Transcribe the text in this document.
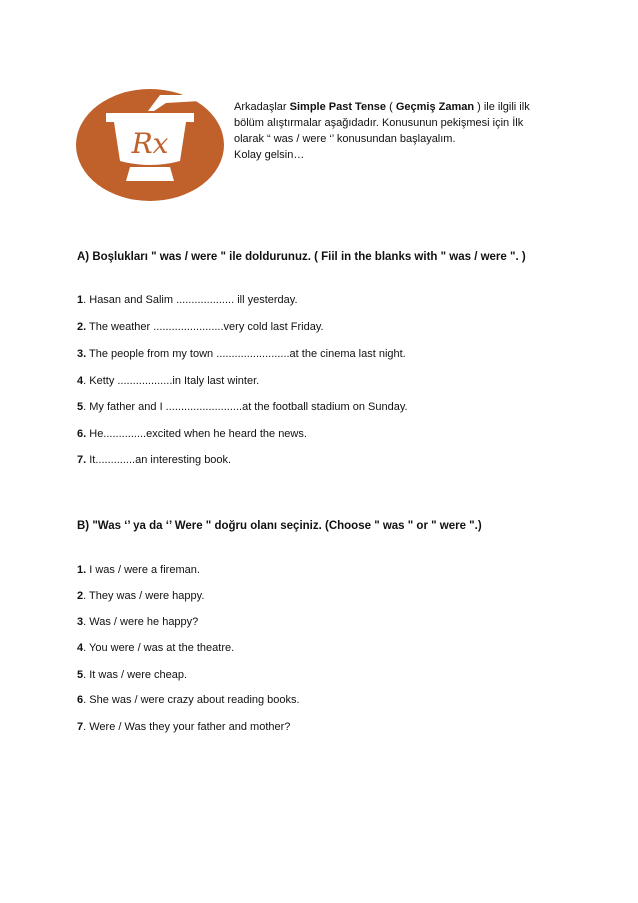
Rx

Arkadaşlar Simple Past Tense ( Geçmiş Zaman ) ile ilgili ilk

bölüm alıştırmalar aşağıdadır. Konusunun pekişmesi için İlk

olarak “ was / were ‘’ konusundan başlayalım.

Kolay gelsin…

A) Boşlukları " was / were " ile doldurunuz. ( Fiil in the blanks with " was / were ". )
1. Hasan and Salim ................... ill yesterday.
2. The weather .......................very cold last Friday.
3. The people from my town ........................at the cinema last night.
4. Ketty ..................in Italy last winter.
5. My father and I .........................at the football stadium on Sunday.
6. He..............excited when he heard the news.
7. It.............an interesting book.
B) "Was ‘’ ya da ‘’ Were " doğru olanı seçiniz. (Choose " was " or " were ".)
1. I was / were a fireman.
2. They was / were happy.
3. Was / were he happy?
4. You were / was at the theatre.
5. It was / were cheap.
6. She was / were crazy about reading books.
7. Were / Was they your father and mother?
